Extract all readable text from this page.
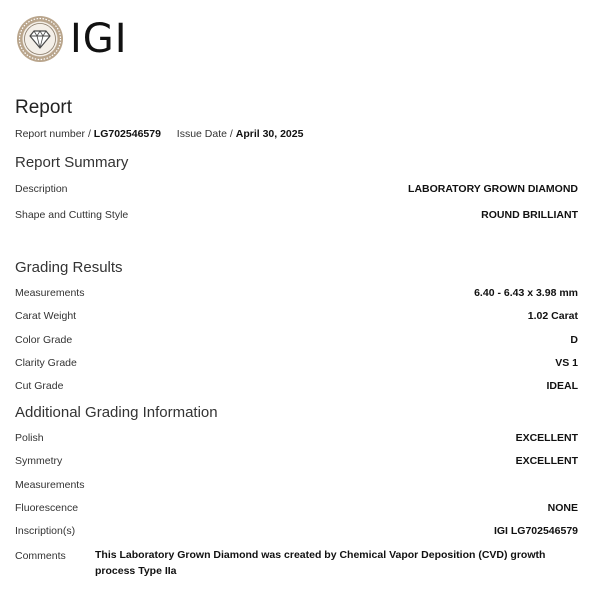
IGI
Report
Report number / LG702546579 Issue Date / April 30, 2025
Report Summary
Description	LABORATORY GROWN DIAMOND
Shape and Cutting Style	ROUND BRILLIANT
Grading Results
Measurements	6.40 - 6.43 x 3.98 mm
Carat Weight	1.02 Carat
Color Grade	D
Clarity Grade	VS 1
Cut Grade	IDEAL
Additional Grading Information
Polish	EXCELLENT
Symmetry	EXCELLENT
Measurements
Fluorescence	NONE
Inscription(s)	IGI LG702546579
Comments	This Laboratory Grown Diamond was created by Chemical Vapor Deposition (CVD) growth process Type IIa
